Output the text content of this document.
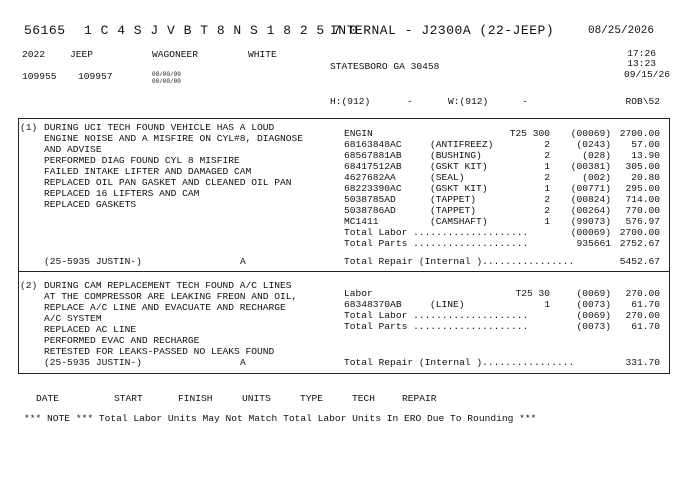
56165 1 C 4 S J V B T 8 N S 1 8 2 5 7 0
INTERNAL - J2300A (22-JEEP)	08/25/2026
2022	JEEP	WAGONEER	WHITE	17:26
13:23
STATESBORO GA 30458
09/15/26
109955 109957	00/00/00
00/00/00
H:(912)	-	W:(912)	-	ROB\52
(1) DURING UCI TECH FOUND VEHICLE HAS A LOUD
ENGINE NOISE AND A MISFIRE ON CYL#8, DIAGNOSE
AND ADVISE
PERFORMED DIAG FOUND CYL 8 MISFIRE
FAILED INTAKE LIFTER AND DAMAGED CAM
REPLACED OIL PAN GASKET AND CLEANED OIL PAN
REPLACED 16 LIFTERS AND CAM
REPLACED GASKETS
(25-5935 JUSTIN-)	A
ENGIN	T25 300	(00069) 2700.00
68163848AC	(ANTIFREEZ)	2	(0243)	57.00
68567881AB	(BUSHING)	2	(028)	13.90
68417512AB	(GSKT KIT)	1	(00381)	305.00
4627682AA	(SEAL)	2	(002)	20.80
68223390AC	(GSKT KIT)	1	(00771)	295.00
5038785AD	(TAPPET)	2	(00824)	714.00
5038786AD	(TAPPET)	2	(00264)	770.00
MC1411	(CAMSHAFT)	1	(99073)	576.97
Total Labor ....................	(00069) 2700.00
Total Parts ....................	935661 2752.67
Total Repair (Internal )................	5452.67
(2) DURING CAM REPLACEMENT TECH FOUND A/C LINES
AT THE COMPRESSOR ARE LEAKING FREON AND OIL,
REPLACE A/C LINE AND EVACUATE AND RECHARGE
A/C SYSTEM
REPLACED AC LINE
PERFORMED EVAC AND RECHARGE
RETESTED FOR LEAKS-PASSED NO LEAKS FOUND
(25-5935 JUSTIN-)	A
Labor	T25 30	(0069)	270.00
68348370AB	(LINE)	1	(0073)	61.70
Total Labor ....................	(0069)	270.00
Total Parts ....................	(0073)	61.70
Total Repair (Internal )................	331.70
DATE	START	FINISH	UNITS	TYPE	TECH	REPAIR
*** NOTE *** Total Labor Units May Not Match Total Labor Units In ERO Due To Rounding ***
